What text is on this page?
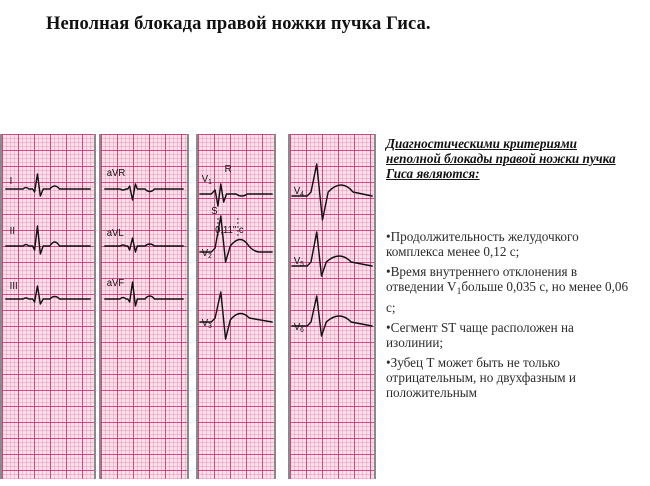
Неполная блокада правой ножки пучка Гиса.
I
II
III
aVR
aVL
aVF
$V_1$
R
S
0,11" с
$V_2$
$V_3$
$V_4$
$V_5$
$V_6$
Диагностическими критериями неполной блокады правой ножки пучка Гиса являются:

•Продолжительность желудочкого комплекса менее 0,12 с;

•Время внутреннего отклонения в отведении $V_1больше$ 0,035 с, но менее 0,06 с;

•Сегмент ST чаще расположен на изолинии;

•Зубец Т может быть не только отрицательным, но двухфазным и положительным
